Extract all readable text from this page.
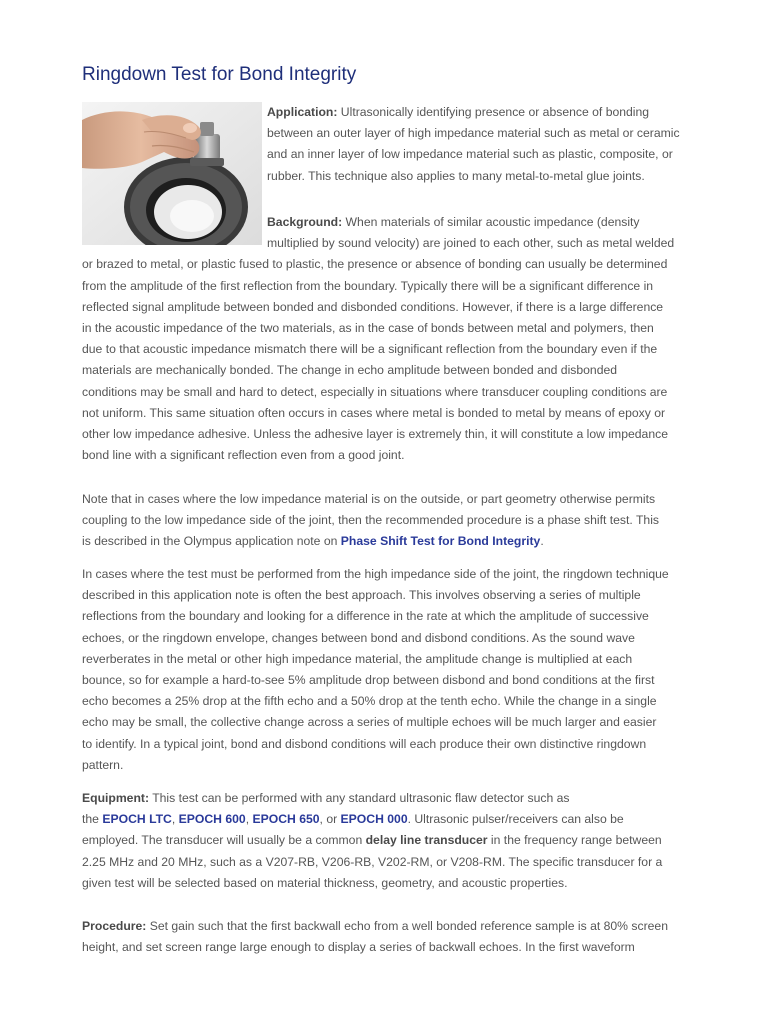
Ringdown Test for Bond Integrity
Application: Ultrasonically identifying presence or absence of bonding
between an outer layer of high impedance material such as metal or ceramic
and an inner layer of low impedance material such as plastic, composite, or
rubber. This technique also applies to many metal-to-metal glue joints.
Background: When materials of similar acoustic impedance (density
multiplied by sound velocity) are joined to each other, such as metal welded
or brazed to metal, or plastic fused to plastic, the presence or absence of bonding can usually be determined
from the amplitude of the first reflection from the boundary. Typically there will be a significant difference in
reflected signal amplitude between bonded and disbonded conditions. However, if there is a large difference
in the acoustic impedance of the two materials, as in the case of bonds between metal and polymers, then
due to that acoustic impedance mismatch there will be a significant reflection from the boundary even if the
materials are mechanically bonded. The change in echo amplitude between bonded and disbonded
conditions may be small and hard to detect, especially in situations where transducer coupling conditions are
not uniform. This same situation often occurs in cases where metal is bonded to metal by means of epoxy or
other low impedance adhesive. Unless the adhesive layer is extremely thin, it will constitute a low impedance
bond line with a significant reflection even from a good joint.
Note that in cases where the low impedance material is on the outside, or part geometry otherwise permits
coupling to the low impedance side of the joint, then the recommended procedure is a phase shift test. This
is described in the Olympus application note on Phase Shift Test for Bond Integrity.
In cases where the test must be performed from the high impedance side of the joint, the ringdown technique
described in this application note is often the best approach. This involves observing a series of multiple
reflections from the boundary and looking for a difference in the rate at which the amplitude of successive
echoes, or the ringdown envelope, changes between bond and disbond conditions. As the sound wave
reverberates in the metal or other high impedance material, the amplitude change is multiplied at each
bounce, so for example a hard-to-see 5% amplitude drop between disbond and bond conditions at the first
echo becomes a 25% drop at the fifth echo and a 50% drop at the tenth echo. While the change in a single
echo may be small, the collective change across a series of multiple echoes will be much larger and easier
to identify. In a typical joint, bond and disbond conditions will each produce their own distinctive ringdown
pattern.
Equipment: This test can be performed with any standard ultrasonic flaw detector such as
the EPOCH LTC, EPOCH 600, EPOCH 650, or EPOCH 000. Ultrasonic pulser/receivers can also be
employed. The transducer will usually be a common delay line transducer in the frequency range between
2.25 MHz and 20 MHz, such as a V207-RB, V206-RB, V202-RM, or V208-RM. The specific transducer for a
given test will be selected based on material thickness, geometry, and acoustic properties.
Procedure: Set gain such that the first backwall echo from a well bonded reference sample is at 80% screen
height, and set screen range large enough to display a series of backwall echoes. In the first waveform
